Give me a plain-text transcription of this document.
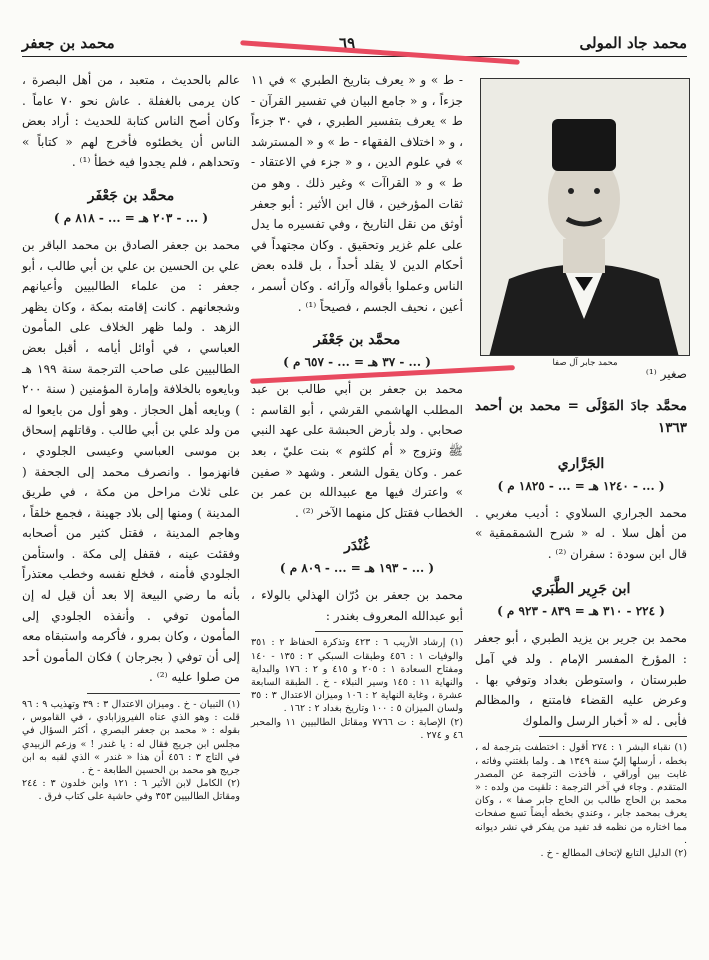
محمد جاد المولى
٦٩
محمد بن جعفر
محمد جابر آل صفا

صغير ⁽¹⁾

محمَّد جادَ المَوْلَى = محمد بن أحمد ١٣٦٣

الجَرَّاري
( ... - ١٢٤٠ هـ = ... - ١٨٢٥ م )

محمد الجراري السلاوي : أديب مغربي . من أهل سلا . له « شرح الشمقمقية » قال ابن سودة : سفران ⁽²⁾ .

ابن جَرِير الطَّبَري
( ٢٢٤ - ٣١٠ هـ = ٨٣٩ - ٩٢٣ م )

محمد بن جرير بن يزيد الطبري ، أبو جعفر : المؤرخ المفسر الإمام . ولد في آمل طبرستان ، واستوطن بغداد وتوفي بها . وعرض عليه القضاء فامتنع ، والمظالم فأبى . له « أخبار الرسل والملوك

(١) نقباء البشر ١ : ٢٧٤ أقول : اختطفت بترجمة له ، بخطه ، أرسلها إليّ سنة ١٣٤٩ هـ . ولما بلغتني وفاته ، غابت بين أوراقي ، فأخذت الترجمة عن المصدر المتقدم . وجاء في آخر الترجمة : تلقيت من ولده : « محمد بن الحاج طالب بن الحاج جابر صفا » ، وكان يعرف بمحمد جابر ، وعندي بخطه أيضاً تسع صفحات مما اختاره من نظمه قد تفيد من يفكر في نشر ديوانه .
(٢) الدليل التابع لإتحاف المطالع - خ .

- ط » و « يعرف بتاريخ الطبري » في ١١ جزءاً ، و « جامع البيان في تفسير القرآن - ط » يعرف بتفسير الطبري ، في ٣٠ جزءاً ، و « اختلاف الفقهاء - ط » و « المسترشد » في علوم الدين ، و « جزء في الاعتقاد - ط » و « القراآت » وغير ذلك . وهو من ثقات المؤرخين ، قال ابن الأثير : أبو جعفر أوثق من نقل التاريخ ، وفي تفسيره ما يدل على علم غزير وتحقيق . وكان مجتهداً في أحكام الدين لا يقلد أحداً ، بل قلده بعض الناس وعملوا بأقواله وآرائه . وكان أسمر ، أعين ، نحيف الجسم ، فصيحاً ⁽¹⁾ .

محمَّد بن جَعْفَر
( ... - ٣٧ هـ = ... - ٦٥٧ م )

محمد بن جعفر بن أبي طالب بن عبد المطلب الهاشمي القرشي ، أبو القاسم : صحابي . ولد بأرض الحبشة على عهد النبي ﷺ وتزوج « أم كلثوم » بنت عليّ ، بعد عمر . وكان يقول الشعر . وشهد « صفين » واعترك فيها مع عبيدالله بن عمر بن الخطاب فقتل كل منهما الآخر ⁽²⁾ .

غُنْدَر
( ... - ١٩٣ هـ = ... - ٨٠٩ م )

محمد بن جعفر بن دُرّان الهذلي بالولاء ، أبو عبدالله المعروف بغندر :

(١) إرشاد الأريب ٦ : ٤٢٣ وتذكرة الحفاظ ٢ : ٣٥١ والوفيات ١ : ٤٥٦ وطبقات السبكي ٢ : ١٣٥ - ١٤٠ ومفتاح السعادة ١ : ٢٠٥ و ٤١٥ و ٢ : ١٧٦ والبداية والنهاية ١١ : ١٤٥ وسير النبلاء - خ . الطبقة السابعة عشرة ، وغاية النهاية ٢ : ١٠٦ وميزان الاعتدال ٣ : ٣٥ ولسان الميزان ٥ : ١٠٠ وتاريخ بغداد ٢ : ١٦٢ .
(٢) الإصابة : ت ٧٧٦٦ ومقاتل الطالبيين ١١ والمحبر ٤٦ و ٢٧٤ .

عالم بالحديث ، متعبد ، من أهل البصرة ، كان يرمى بالغفلة . عاش نحو ٧٠ عاماً . وكان أصح الناس كتابة للحديث : أراد بعض الناس أن يخطئوه فأخرج لهم « كتاباً » وتحداهم ، فلم يجدوا فيه خطأ ⁽¹⁾ .

محمَّد بن جَعْفَر
( ... - ٢٠٣ هـ = ... - ٨١٨ م )

محمد بن جعفر الصادق بن محمد الباقر بن علي بن الحسين بن علي بن أبي طالب ، أبو جعفر : من علماء الطالبيين وأعيانهم وشجعانهم . كانت إقامته بمكة ، وكان يظهر الزهد . ولما ظهر الخلاف على المأمون العباسي ، في أوائل أيامه ، أقبل بعض الطالبيين على صاحب الترجمة سنة ١٩٩ هـ وبايعوه بالخلافة وإمارة المؤمنين ( سنة ٢٠٠ ) وبايعه أهل الحجاز . وهو أول من بايعوا له من ولد علي بن أبي طالب . وقاتلهم إسحاق بن موسى العباسي وعيسى الجلودي ، فانهزموا . وانصرف محمد إلى الجحفة ( على ثلاث مراحل من مكة ، في طريق المدينة ) ومنها إلى بلاد جهينة ، فجمع خلقاً ، وهاجم المدينة ، فقتل كثير من أصحابه وفقئت عينه ، فقفل إلى مكة . واستأمن الجلودي فأمنه ، فخلع نفسه وخطب معتذراً بأنه ما رضي البيعة إلا بعد أن قيل له إن المأمون توفي . وأنفذه الجلودي إلى المأمون ، وكان بمرو ، فأكرمه واستبقاه معه إلى أن توفي ( بجرجان ) فكان المأمون أحد من صلوا عليه ⁽²⁾ .

(١) التبيان - خ . وميزان الاعتدال ٣ : ٣٩ وتهذيب ٩ : ٩٦ قلت : وهو الذي عناه الفيروزابادي ، في القاموس ، بقوله : « محمد بن جعفر البصري ، أكثر السؤال في مجلس ابن جريج فقال له : يا غندر ! » وزعم الزبيدي في التاج ٣ : ٤٥٦ أن هذا « غندر » الذي لقبه به ابن جريج هو محمد بن الحسين الطابعة - خ .
(٢) الكامل لابن الأثير ٦ : ١٢١ وابن خلدون ٣ : ٢٤٤ ومقاتل الطالبيين ٣٥٣ وفي حاشية على كتاب فرق .
